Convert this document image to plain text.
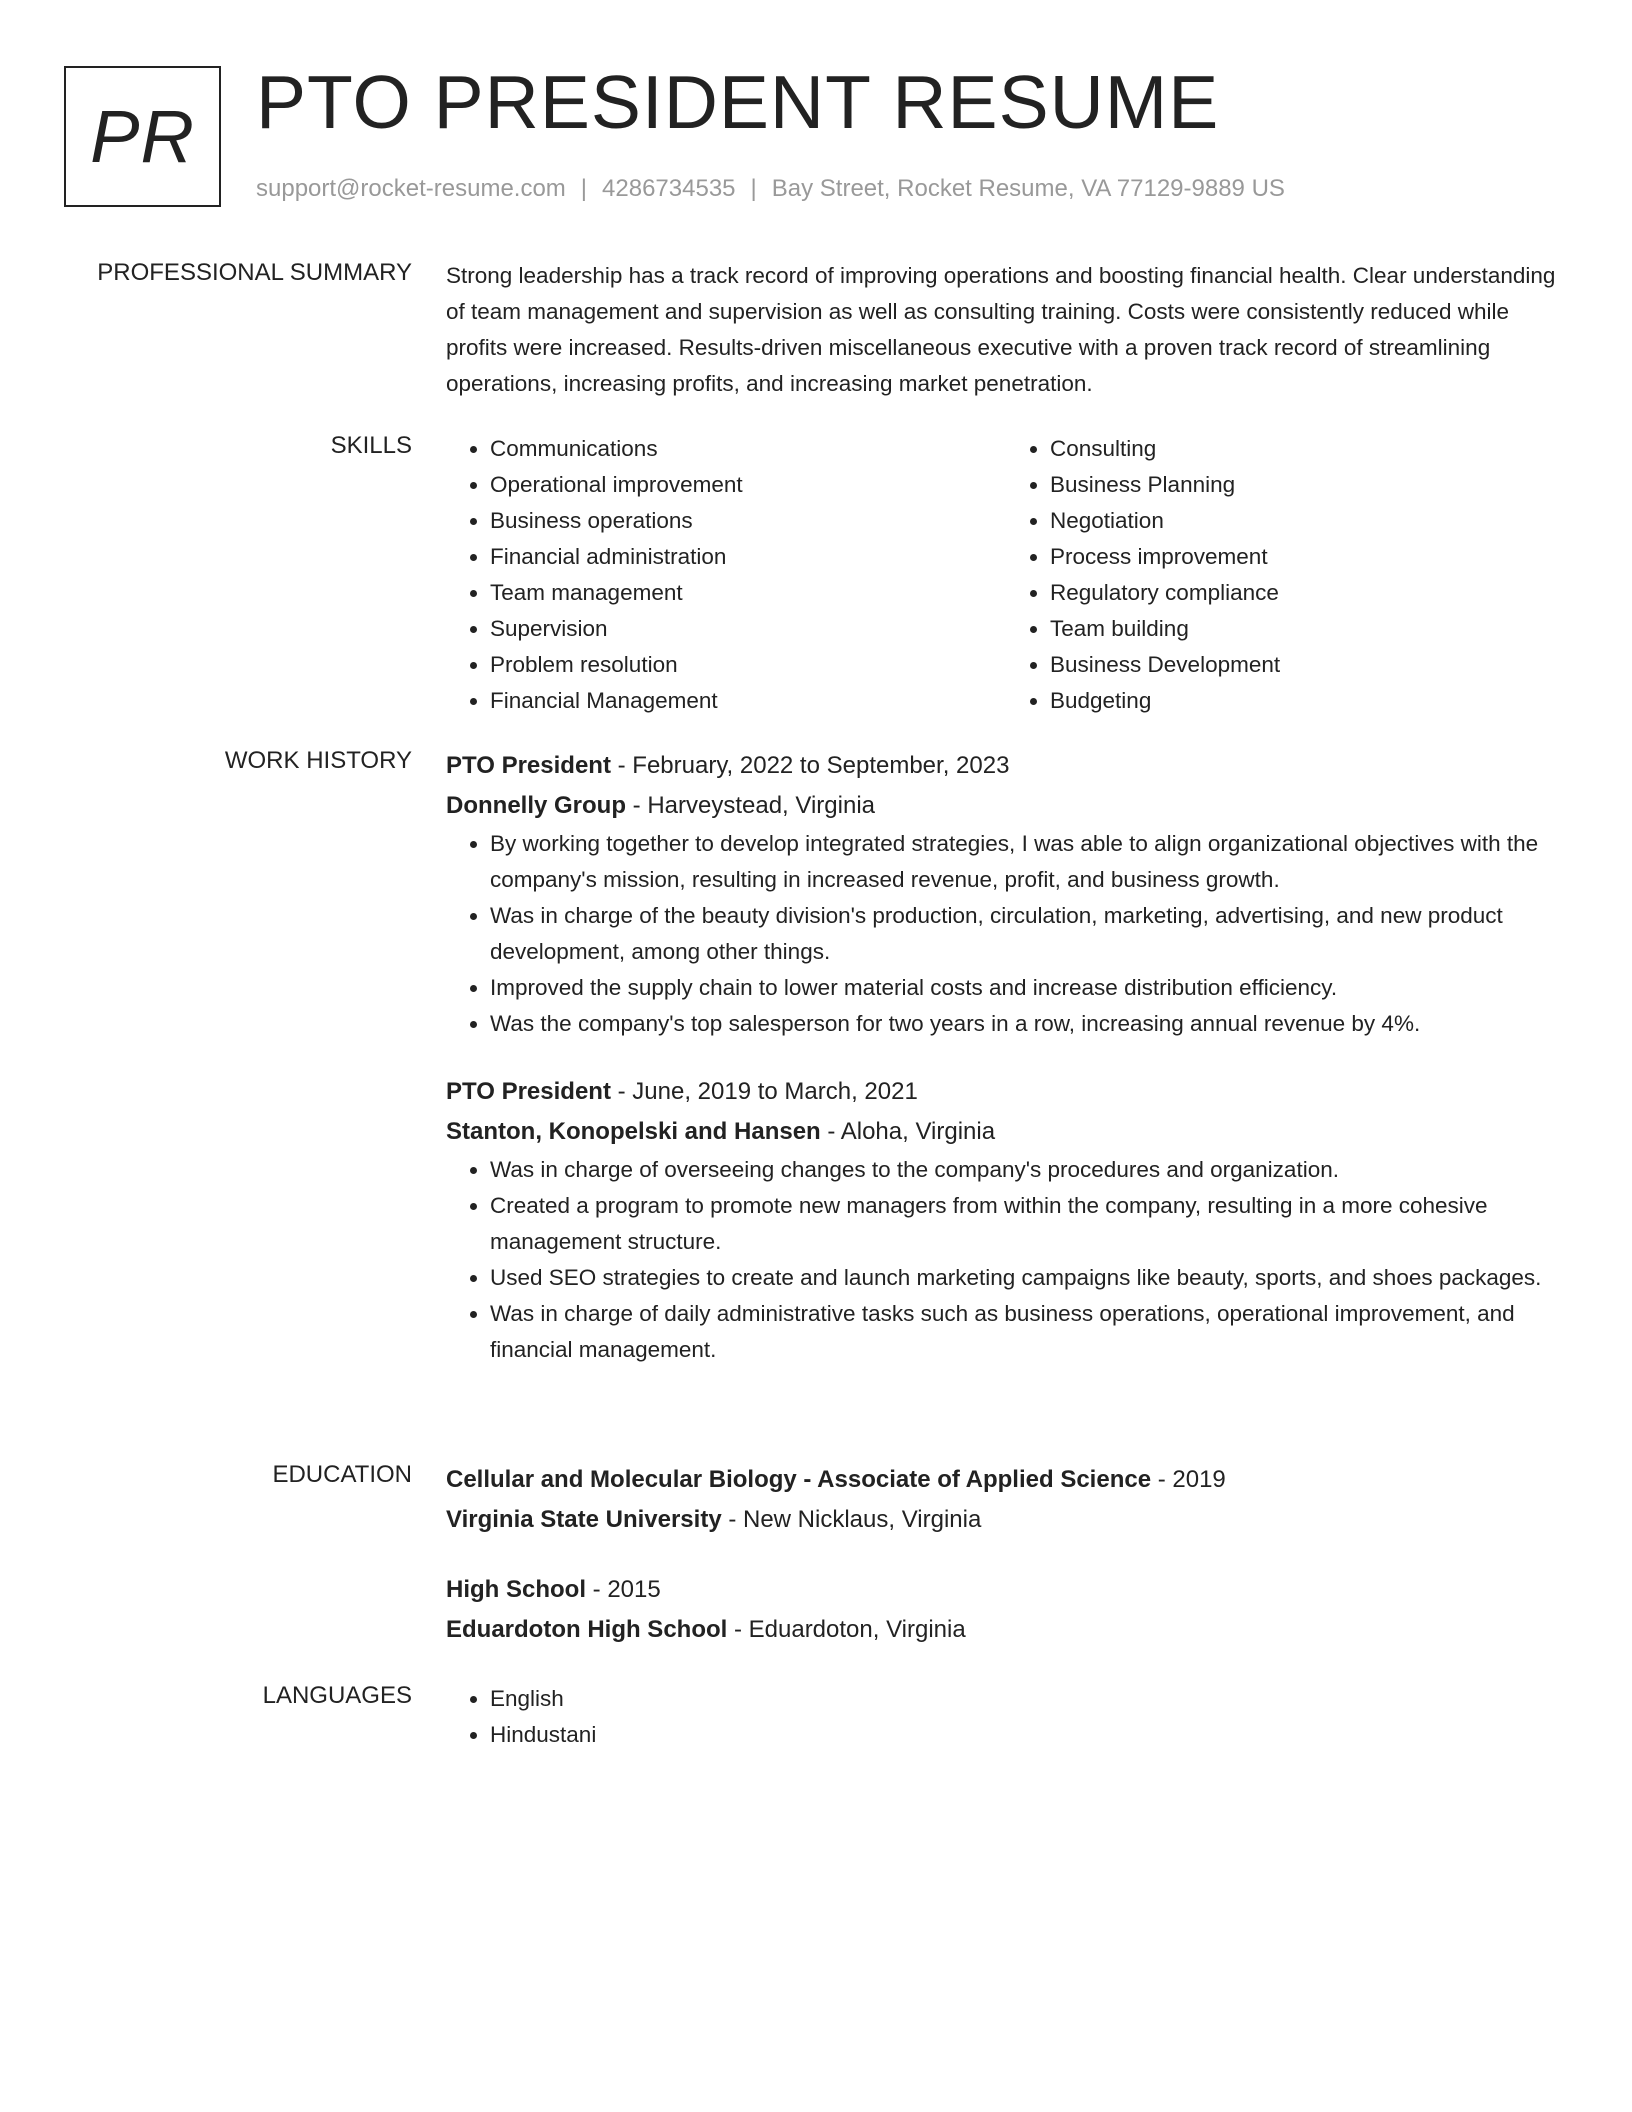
PR PTO PRESIDENT RESUME
support@rocket-resume.com | 4286734535 | Bay Street, Rocket Resume, VA 77129-9889 US
PROFESSIONAL SUMMARY Strong leadership has a track record of improving operations and boosting financial health. Clear understanding of team management and supervision as well as consulting training. Costs were consistently reduced while profits were increased. Results-driven miscellaneous executive with a proven track record of streamlining operations, increasing profits, and increasing market penetration.

SKILLS	• Communications
• Operational improvement
• Business operations
• Financial administration
• Team management
• Supervision
• Problem resolution
• Financial Management
• Consulting
• Business Planning
• Negotiation
• Process improvement
• Regulatory compliance
• Team building
• Business Development
• Budgeting
WORK HISTORY PTO President - February, 2022 to September, 2023
Donnelly Group - Harveystead, Virginia
• By working together to develop integrated strategies, I was able to align organizational objectives with the company's mission, resulting in increased revenue, profit, and business growth.
• Was in charge of the beauty division's production, circulation, marketing, advertising, and new product development, among other things.
• Improved the supply chain to lower material costs and increase distribution efficiency.
• Was the company's top salesperson for two years in a row, increasing annual revenue by 4%.
PTO President - June, 2019 to March, 2021
Stanton, Konopelski and Hansen - Aloha, Virginia
• Was in charge of overseeing changes to the company's procedures and organization.
• Created a program to promote new managers from within the company, resulting in a more cohesive management structure.
• Used SEO strategies to create and launch marketing campaigns like beauty, sports, and shoes packages.
• Was in charge of daily administrative tasks such as business operations, operational improvement, and financial management.
EDUCATION Cellular and Molecular Biology - Associate of Applied Science - 2019
Virginia State University - New Nicklaus, Virginia
High School - 2015
Eduardoton High School - Eduardoton, Virginia
LANGUAGES	• English
• Hindustani
